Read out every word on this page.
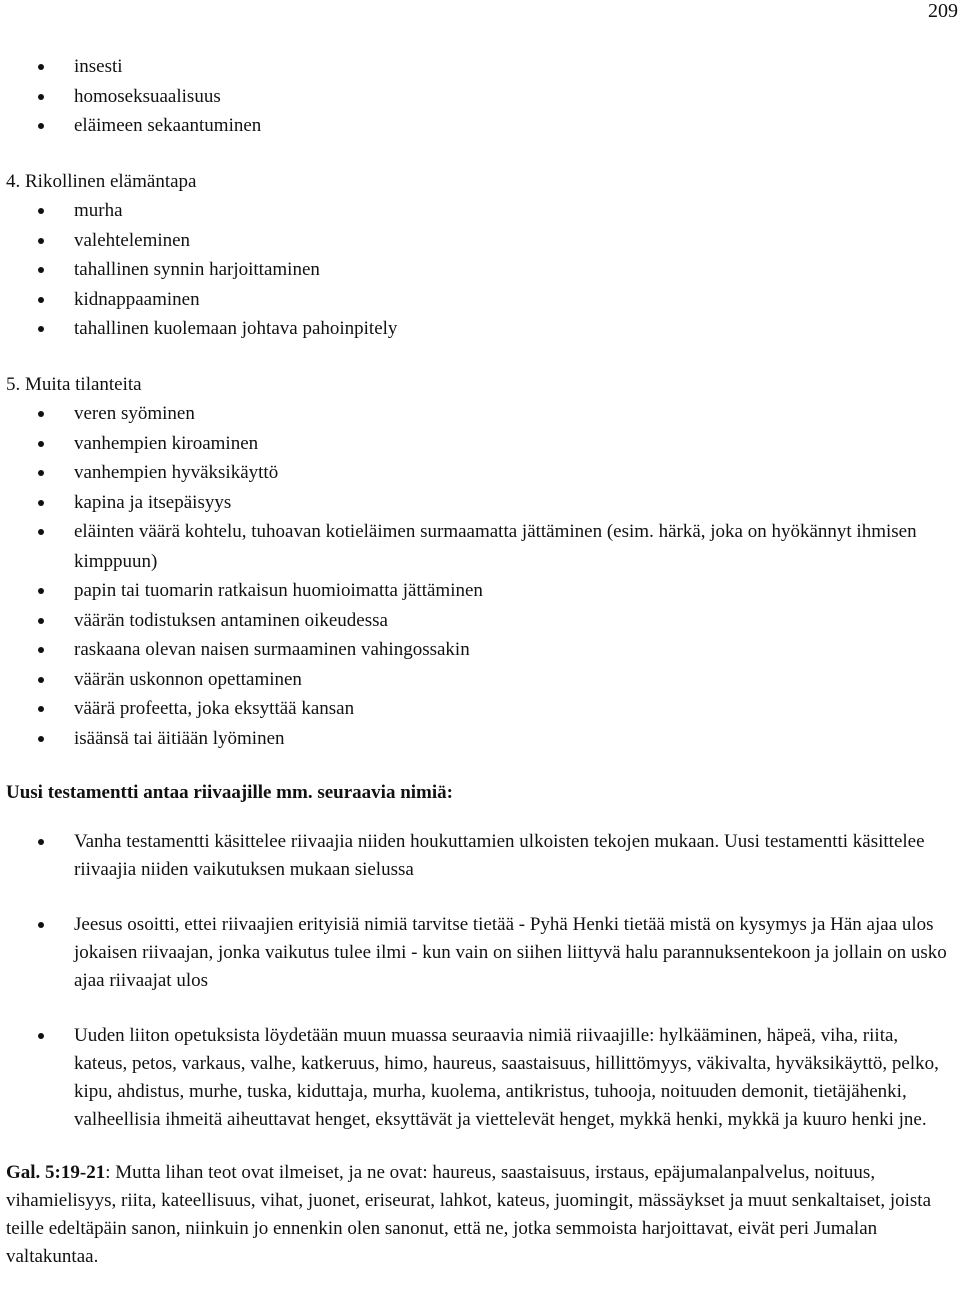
209
insesti
homoseksuaalisuus
eläimeen sekaantuminen
4. Rikollinen elämäntapa
murha
valehteleminen
tahallinen synnin harjoittaminen
kidnappaaminen
tahallinen kuolemaan johtava pahoinpitely
5. Muita tilanteita
veren syöminen
vanhempien kiroaminen
vanhempien hyväksikäyttö
kapina ja itsepäisyys
eläinten väärä kohtelu, tuhoavan kotieläimen surmaamatta jättäminen (esim. härkä, joka on hyökännyt ihmisen kimppuun)
papin tai tuomarin ratkaisun huomioimatta jättäminen
väärän todistuksen antaminen oikeudessa
raskaana olevan naisen surmaaminen vahingossakin
väärän uskonnon opettaminen
väärä profeetta, joka eksyttää kansan
isäänsä tai äitiään lyöminen
Uusi testamentti antaa riivaajille mm. seuraavia nimiä:
Vanha testamentti käsittelee riivaajia niiden houkuttamien ulkoisten tekojen mukaan. Uusi testamentti käsittelee riivaajia niiden vaikutuksen mukaan sielussa
Jeesus osoitti, ettei riivaajien erityisiä nimiä tarvitse tietää - Pyhä Henki tietää mistä on kysymys ja Hän ajaa ulos jokaisen riivaajan, jonka vaikutus tulee ilmi - kun vain on siihen liittyvä halu parannuksentekoon ja jollain on usko ajaa riivaajat ulos
Uuden liiton opetuksista löydetään muun muassa seuraavia nimiä riivaajille: hylkääminen, häpeä, viha, riita, kateus, petos, varkaus, valhe, katkeruus, himo, haureus, saastaisuus, hillittömyys, väkivalta, hyväksikäyttö, pelko, kipu, ahdistus, murhe, tuska, kiduttaja, murha, kuolema, antikristus, tuhooja, noituuden demonit, tietäjähenki, valheellisia ihmeitä aiheuttavat henget, eksyttävät ja viettelevät henget, mykkä henki, mykkä ja kuuro henki jne.
Gal. 5:19-21: Mutta lihan teot ovat ilmeiset, ja ne ovat: haureus, saastaisuus, irstaus, epäjumalanpalvelus, noituus, vihamielisyys, riita, kateellisuus, vihat, juonet, eriseurat, lahkot, kateus, juomingit, mässäykset ja muut senkaltaiset, joista teille edeltäpäin sanon, niinkuin jo ennenkin olen sanonut, että ne, jotka semmoista harjoittavat, eivät peri Jumalan valtakuntaa.
